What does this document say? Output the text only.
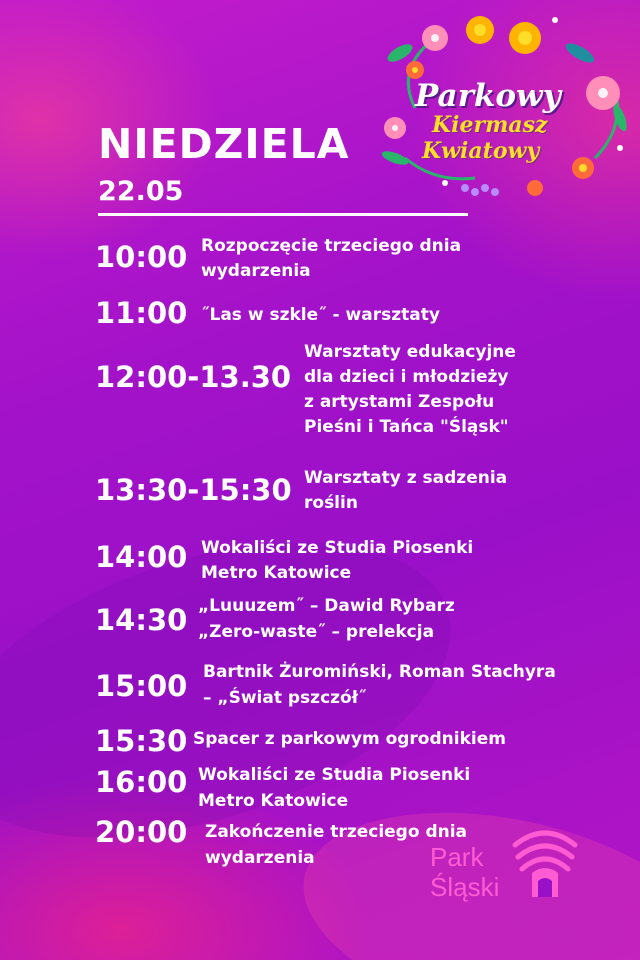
Parkowy
Kiermasz
Kwiatowy
NIEDZIELA
22.05
10:00 Rozpoczęcie trzeciego dnia
wydarzenia
11:00 ˝Las w szkle˝ - warsztaty
12:00-13.30
Warsztaty edukacyjne
dla dzieci i młodzieży
z artystami Zespołu
Pieśni i Tańca "Śląsk"
13:30-15:30 Warsztaty z sadzenia
roślin
14:00 Wokaliści ze Studia Piosenki
Metro Katowice
14:30 „Luuuzem˝ – Dawid Rybarz
„Zero-waste˝ – prelekcja
15:00 Bartnik Żuromiński, Roman Stachyra
– „Świat pszczół˝
15:30 Spacer z parkowym ogrodnikiem
16:00 Wokaliści ze Studia Piosenki
Metro Katowice
20:00 Zakończenie trzeciego dnia
wydarzenia	Park
Śląski
